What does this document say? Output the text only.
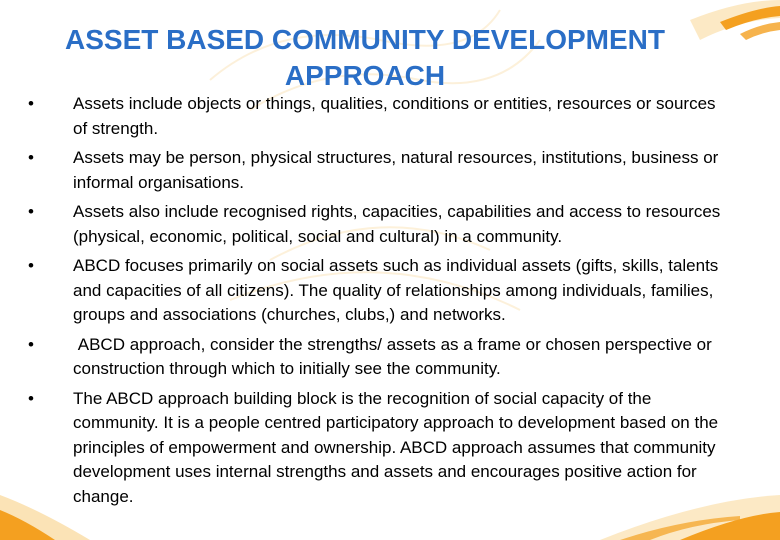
ASSET BASED COMMUNITY DEVELOPMENT
APPROACH
•	Assets include objects or things, qualities, conditions or entities, resources or sources of strength.
•	Assets may be person, physical structures, natural resources, institutions, business or informal organisations.
•	Assets also include recognised rights, capacities, capabilities and access to resources (physical, economic, political, social and cultural) in a community.
•	ABCD focuses primarily on social assets such as individual assets (gifts, skills, talents and capacities of all citizens). The quality of relationships among individuals, families, groups and associations (churches, clubs,) and networks.
•	ABCD approach, consider the strengths/ assets as a frame or chosen perspective or construction through which to initially see the community.
•	The ABCD approach building block is the recognition of social capacity of the community. It is a people centred participatory approach to development based on the principles of empowerment and ownership. ABCD approach assumes that community development uses internal strengths and assets and encourages positive action for change.
